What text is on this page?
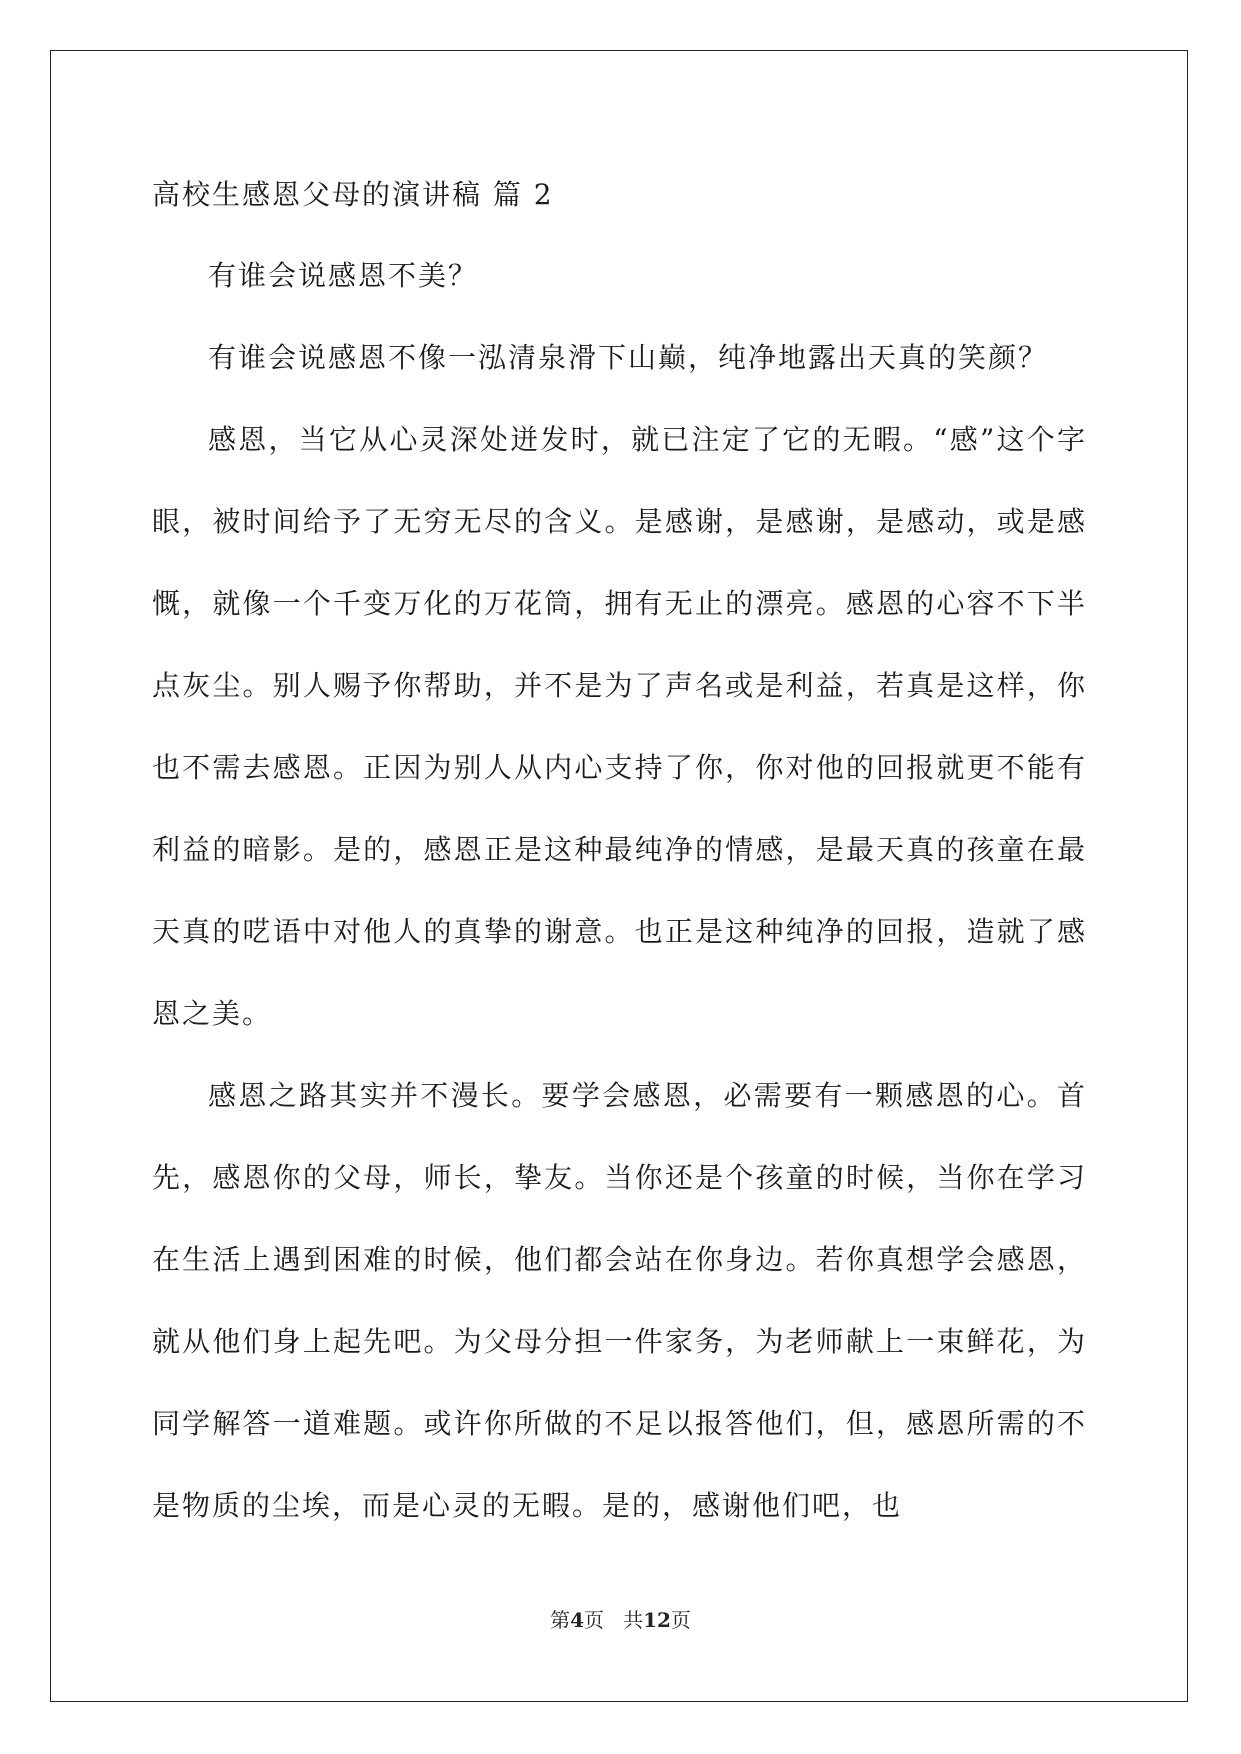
高校生感恩父母的演讲稿 篇 2

有谁会说感恩不美？

有谁会说感恩不像一泓清泉滑下山巅，纯净地露出天真的笑颜？

感恩，当它从心灵深处迸发时，就已注定了它的无暇。“感”这个字眼，被时间给予了无穷无尽的含义。是感谢，是感谢，是感动，或是感慨，就像一个千变万化的万花筒，拥有无止的漂亮。感恩的心容不下半点灰尘。别人赐予你帮助，并不是为了声名或是利益，若真是这样，你也不需去感恩。正因为别人从内心支持了你，你对他的回报就更不能有利益的暗影。是的，感恩正是这种最纯净的情感，是最天真的孩童在最天真的呓语中对他人的真挚的谢意。也正是这种纯净的回报，造就了感恩之美。

感恩之路其实并不漫长。要学会感恩，必需要有一颗感恩的心。首先，感恩你的父母，师长，挚友。当你还是个孩童的时候，当你在学习在生活上遇到困难的时候，他们都会站在你身边。若你真想学会感恩，就从他们身上起先吧。为父母分担一件家务，为老师献上一束鲜花，为同学解答一道难题。或许你所做的不足以报答他们，但，感恩所需的不是物质的尘埃，而是心灵的无暇。是的，感谢他们吧，也

第4页 共12页
